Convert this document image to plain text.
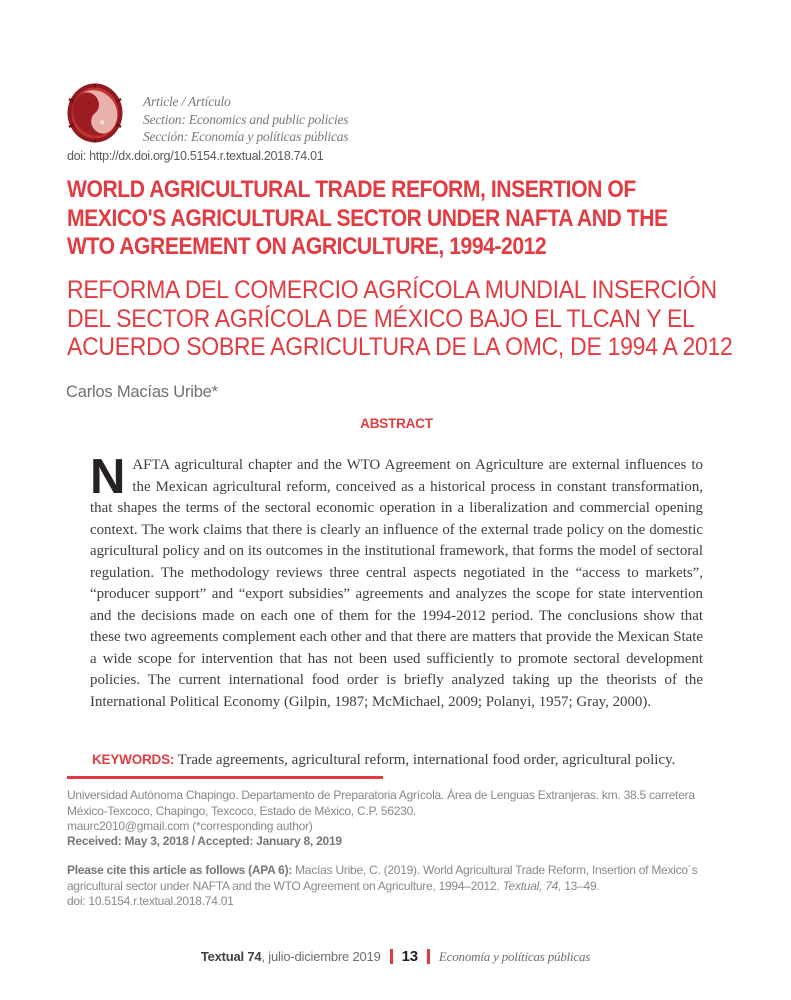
Article / Artículo
Section: Economics and public policies
Sección: Economía y políticas públicas
doi: http://dx.doi.org/10.5154.r.textual.2018.74.01
WORLD AGRICULTURAL TRADE REFORM, INSERTION OF
MEXICO'S AGRICULTURAL SECTOR UNDER NAFTA AND THE
WTO AGREEMENT ON AGRICULTURE, 1994-2012
REFORMA DEL COMERCIO AGRÍCOLA MUNDIAL INSERCIÓN
DEL SECTOR AGRÍCOLA DE MÉXICO BAJO EL TLCAN Y EL
ACUERDO SOBRE AGRICULTURA DE LA OMC, DE 1994 A 2012
Carlos Macías Uribe*
ABSTRACT
NAFTA agricultural chapter and the WTO Agreement on Agriculture are external influences to the Mexican agricultural reform, conceived as a historical process in constant transformation, that shapes the terms of the sectoral economic operation in a liberalization and commercial opening context. The work claims that there is clearly an influence of the external trade policy on the domestic agricultural policy and on its outcomes in the institutional framework, that forms the model of sectoral regulation. The methodology reviews three central aspects negotiated in the “access to markets”, “producer support” and “export subsidies” agreements and analyzes the scope for state intervention and the decisions made on each one of them for the 1994-2012 period. The conclusions show that these two agreements complement each other and that there are matters that provide the Mexican State a wide scope for intervention that has not been used sufficiently to promote sectoral development policies. The current international food order is briefly analyzed taking up the theorists of the International Political Economy (Gilpin, 1987; McMichael, 2009; Polanyi, 1957; Gray, 2000).
KEYWORDS: Trade agreements, agricultural reform, international food order, agricultural policy.
Universidad Autónoma Chapingo. Departamento de Preparatoria Agrícola. Área de Lenguas Extranjeras. km. 38.5 carretera México-Texcoco, Chapingo, Texcoco, Estado de México, C.P. 56230.
maurc2010@gmail.com (*corresponding author)
Received: May 3, 2018 / Accepted: January 8, 2019
Please cite this article as follows (APA 6): Macías Uribe, C. (2019). World Agricultural Trade Reform, Insertion of Mexico´s agricultural sector under NAFTA and the WTO Agreement on Agriculture, 1994–2012. Textual, 74, 13–49.
doi: 10.5154.r.textual.2018.74.01
Textual 74, julio-diciembre 2019 13 Economía y políticas públicas
